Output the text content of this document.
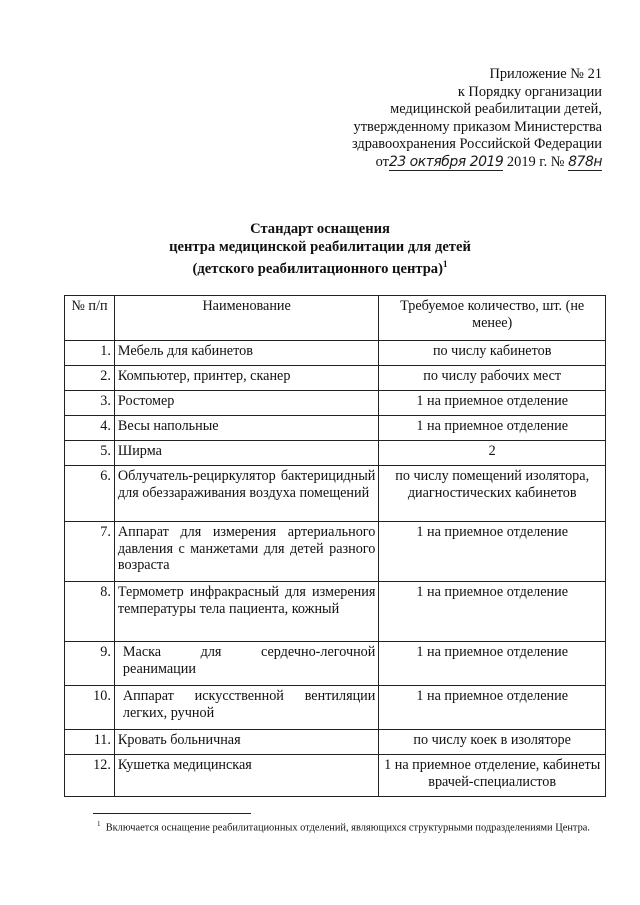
Приложение № 21
к Порядку организации
медицинской реабилитации детей,
утвержденному приказом Министерства
здравоохранения Российской Федерации
от23 октября 2019 2019 г. № 878н
Стандарт оснащения
центра медицинской реабилитации для детей
(детского реабилитационного центра)$^1$
№ п/п	Наименование	Требуемое количество, шт. (не менее)
1.	Мебель для кабинетов	по числу кабинетов
2.	Компьютер, принтер, сканер	по числу рабочих мест
3.	Ростомер	1 на приемное отделение
4.	Весы напольные	1 на приемное отделение
5.	Ширма	2
6.	Облучатель-рециркулятор бактерицидный для обеззараживания воздуха помещений	по числу помещений изолятора, диагностических кабинетов
7.	Аппарат для измерения артериального давления с манжетами для детей разного возраста	1 на приемное отделение
8.	Термометр инфракрасный для измерения температуры тела пациента, кожный	1 на приемное отделение
9.	Маска для сердечно-легочной реанимации	1 на приемное отделение
10.	Аппарат искусственной вентиляции легких, ручной	1 на приемное отделение
11.	Кровать больничная	по числу коек в изоляторе
12.	Кушетка медицинская	1 на приемное отделение, кабинеты врачей-специалистов
$^1$ Включается оснащение реабилитационных отделений, являющихся структурными подразделениями Центра.
